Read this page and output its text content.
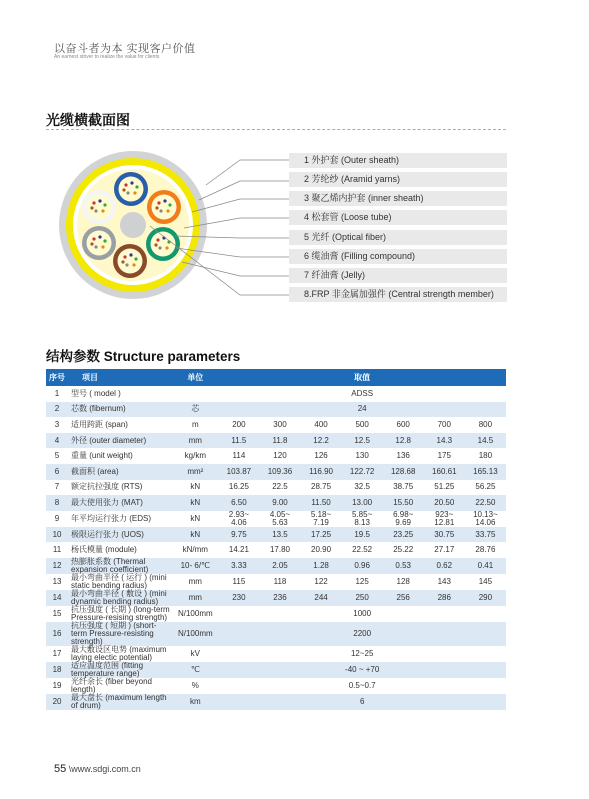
以奋斗者为本 实现客户价值
An earnest striver to realize the value for clients
光缆横截面图
1 外护套 (Outer sheath)
2 芳纶纱 (Aramid yarns)
3 聚乙烯内护套 (inner sheath)
4 松套管 (Loose tube)
5 光纤 (Optical fiber)
6 缆油膏 (Filling compound)
7 纤油膏 (Jelly)
8.FRP 非金属加强件 (Central strength member)
结构参数 Structure parameters
序号	项目	单位	取值						
1	型号 ( model )		ADSS						
2	芯数 (fibernum)	芯	24						
3	适用跨距 (span)	m	200	300	400	500	600	700	800
4	外径 (outer diameter)	mm	11.5	11.8	12.2	12.5	12.8	14.3	14.5
5	重量 (unit weight)	kg/km	114	120	126	130	136	175	180
6	截面积 (area)	mm²	103.87	109.36	116.90	122.72	128.68	160.61	165.13
7	额定抗拉强度 (RTS)	kN	16.25	22.5	28.75	32.5	38.75	51.25	56.25
8	最大使用张力 (MAT)	kN	6.50	9.00	11.50	13.00	15.50	20.50	22.50
9	年平均运行张力 (EDS)	kN	2.93~ 4.06	4.05~ 5.63	5.18~ 7.19	5.85~ 8.13	6.98~ 9.69	923~ 12.81	10.13~ 14.06
10	极限运行张力 (UOS)	kN	9.75	13.5	17.25	19.5	23.25	30.75	33.75
11	杨氏模量 (module)	kN/mm	14.21	17.80	20.90	22.52	25.22	27.17	28.76
12	热膨胀系数 (Thermal expansion coefficient)	10- 6/℃	3.33	2.05	1.28	0.96	0.53	0.62	0.41
13	最小弯曲半径 ( 运行 ) (mini static bending radius)	mm	115	118	122	125	128	143	145
14	最小弯曲半径 ( 敷设 ) (mini dynamic bending radius)	mm	230	236	244	250	256	286	290
15	抗压强度 ( 长期 ) (long-term Pressure-resising strength)	N/100mm	1000						
16	抗压强度 ( 短期 ) (short-term Pressure-resisting strength)	N/100mm	2200						
17	最大敷设区电势 (maximum laying electic potential)	kV	12~25						
18	适应温度范围 (fitting temperature range)	℃	-40 ~ +70						
19	光纤余长 (fiber beyond length)	%	0.5~0.7						
20	最大盘长 (maximum length of drum)	km	6						
55 \www.sdgi.com.cn
